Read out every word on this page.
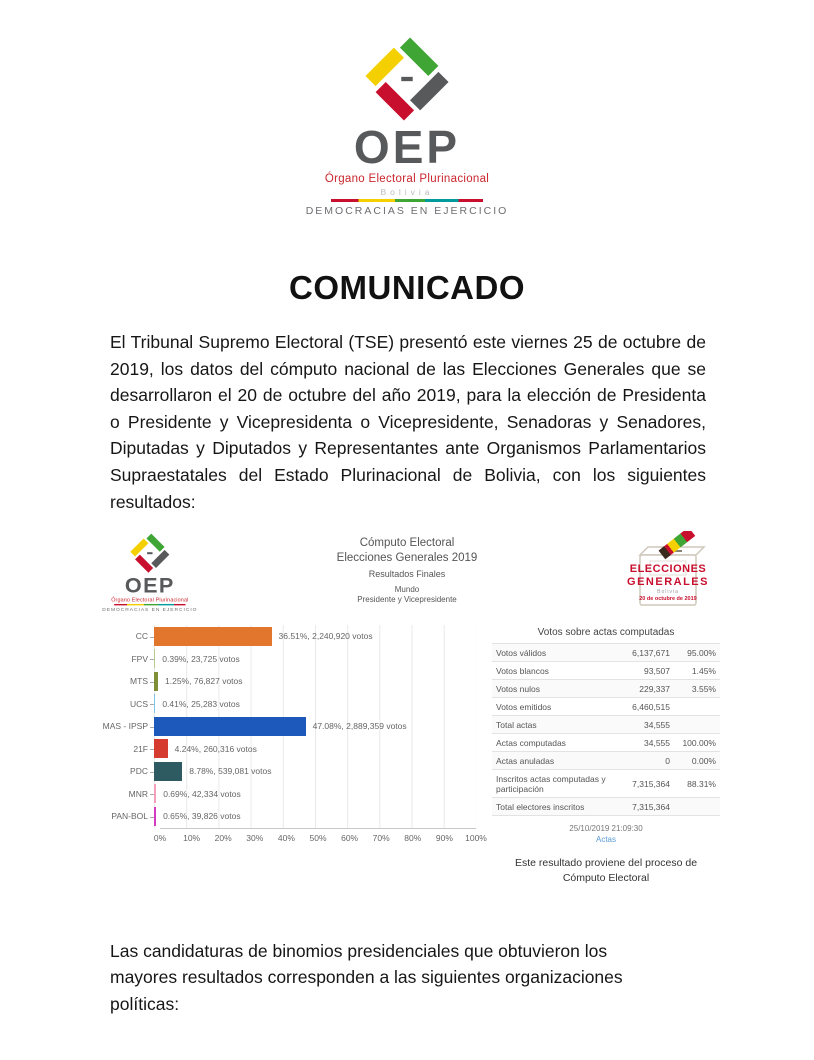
OEP
Órgano Electoral Plurinacional
Bolivia
DEMOCRACIAS EN EJERCICIO
COMUNICADO

El Tribunal Supremo Electoral (TSE) presentó este viernes 25 de octubre de 2019, los datos del cómputo nacional de las Elecciones Generales que se desarrollaron el 20 de octubre del año 2019, para la elección de Presidenta o Presidente y Vicepresidenta o Vicepresidente, Senadoras y Senadores, Diputadas y Diputados y Representantes ante Organismos Parlamentarios Supraestatales del Estado Plurinacional de Bolivia, con los siguientes resultados:

OEP
Órgano Electoral Plurinacional
DEMOCRACIAS EN EJERCICIO
Cómputo Electoral
Elecciones Generales 2019
Resultados Finales
Mundo
Presidente y Vicepresidente
ELECCIONES
GENERALES
Bolivia
20 de octubre de 2019
CC	36.51%, 2,240,920 votos
FPV	0.39%, 23,725 votos
MTS	1.25%, 76,827 votos
UCS	0.41%, 25,283 votos
MAS - IPSP	47.08%, 2,889,359 votos
21F	4.24%, 260,316 votos
PDC	8.78%, 539,081 votos
MNR	0.69%, 42,334 votos
PAN-BOL	0.65%, 39,826 votos
0% 10% 20% 30% 40% 50% 60% 70% 80% 90% 100%
Votos sobre actas computadas
Votos válidos	6,137,671	95.00%
Votos blancos	93,507	1.45%
Votos nulos	229,337	3.55%
Votos emitidos	6,460,515	
Total actas	34,555	
Actas computadas	34,555	100.00%
Actas anuladas	0	0.00%
Inscritos actas computadas y participación	7,315,364	88.31%
Total electores inscritos	7,315,364	
25/10/2019 21:09:30
Actas

Este resultado proviene del proceso de Cómputo Electoral

Las candidaturas de binomios presidenciales que obtuvieron los mayores resultados corresponden a las siguientes organizaciones políticas:
